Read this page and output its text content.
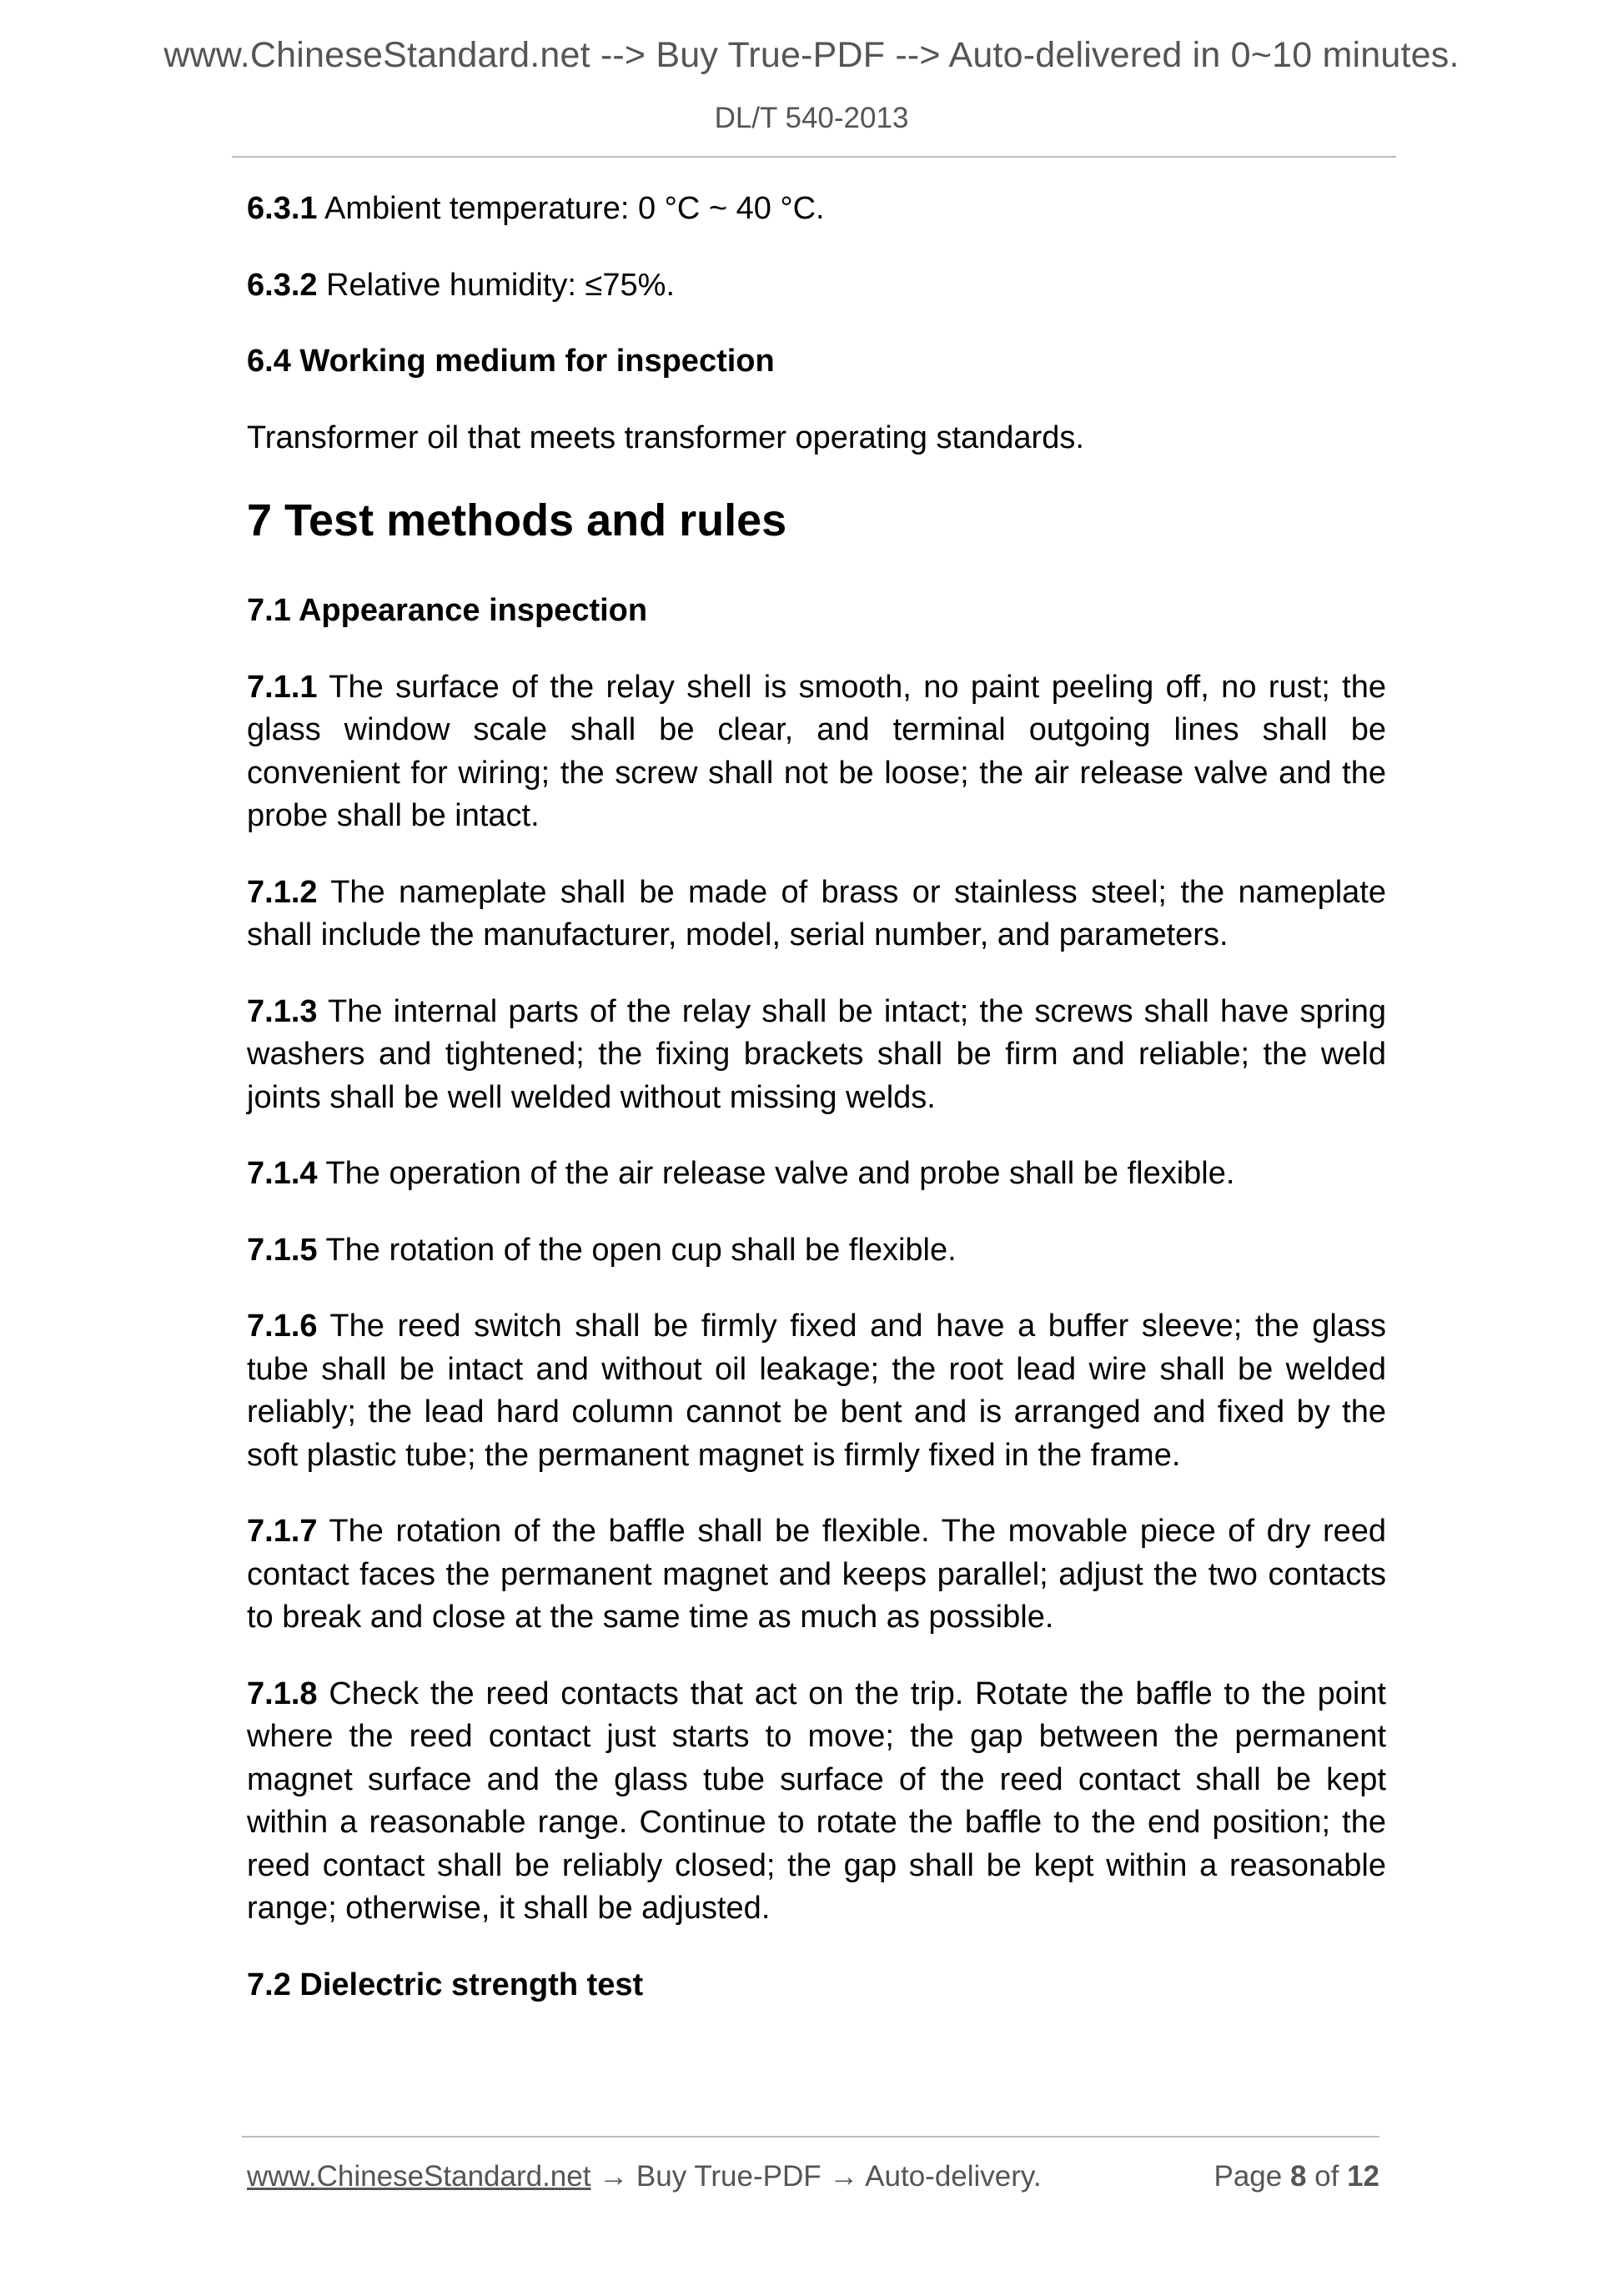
www.ChineseStandard.net --> Buy True-PDF --> Auto-delivered in 0~10 minutes.
DL/T 540-2013

6.3.1 Ambient temperature: 0 °C ~ 40 °C.

6.3.2 Relative humidity: ≤75%.

6.4 Working medium for inspection

Transformer oil that meets transformer operating standards.

7 Test methods and rules
7.1 Appearance inspection

7.1.1 The surface of the relay shell is smooth, no paint peeling off, no rust; the glass window scale shall be clear, and terminal outgoing lines shall be convenient for wiring; the screw shall not be loose; the air release valve and the probe shall be intact.

7.1.2 The nameplate shall be made of brass or stainless steel; the nameplate shall include the manufacturer, model, serial number, and parameters.

7.1.3 The internal parts of the relay shall be intact; the screws shall have spring washers and tightened; the fixing brackets shall be firm and reliable; the weld joints shall be well welded without missing welds.

7.1.4 The operation of the air release valve and probe shall be flexible.

7.1.5 The rotation of the open cup shall be flexible.

7.1.6 The reed switch shall be firmly fixed and have a buffer sleeve; the glass tube shall be intact and without oil leakage; the root lead wire shall be welded reliably; the lead hard column cannot be bent and is arranged and fixed by the soft plastic tube; the permanent magnet is firmly fixed in the frame.

7.1.7 The rotation of the baffle shall be flexible. The movable piece of dry reed contact faces the permanent magnet and keeps parallel; adjust the two contacts to break and close at the same time as much as possible.

7.1.8 Check the reed contacts that act on the trip. Rotate the baffle to the point where the reed contact just starts to move; the gap between the permanent magnet surface and the glass tube surface of the reed contact shall be kept within a reasonable range. Continue to rotate the baffle to the end position; the reed contact shall be reliably closed; the gap shall be kept within a reasonable range; otherwise, it shall be adjusted.

7.2 Dielectric strength test
www.ChineseStandard.net → Buy True-PDF → Auto-delivery.	Page 8 of 12
